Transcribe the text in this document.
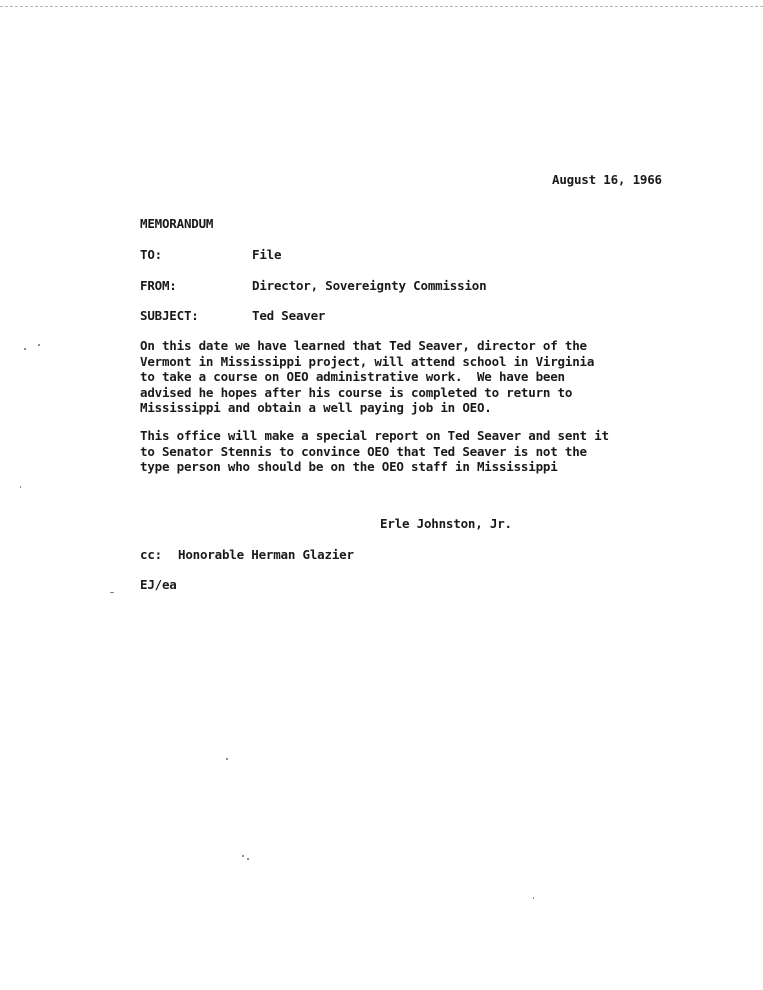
August 16, 1966
MEMORANDUM
TO:	File
FROM:	Director, Sovereignty Commission
SUBJECT:	Ted Seaver
On this date we have learned that Ted Seaver, director of the
Vermont in Mississippi project, will attend school in Virginia
to take a course on OEO administrative work.  We have been
advised he hopes after his course is completed to return to
Mississippi and obtain a well paying job in OEO.
This office will make a special report on Ted Seaver and sent it
to Senator Stennis to convince OEO that Ted Seaver is not the
type person who should be on the OEO staff in Mississippi
Erle Johnston, Jr.
cc: Honorable Herman Glazier
EJ/ea
